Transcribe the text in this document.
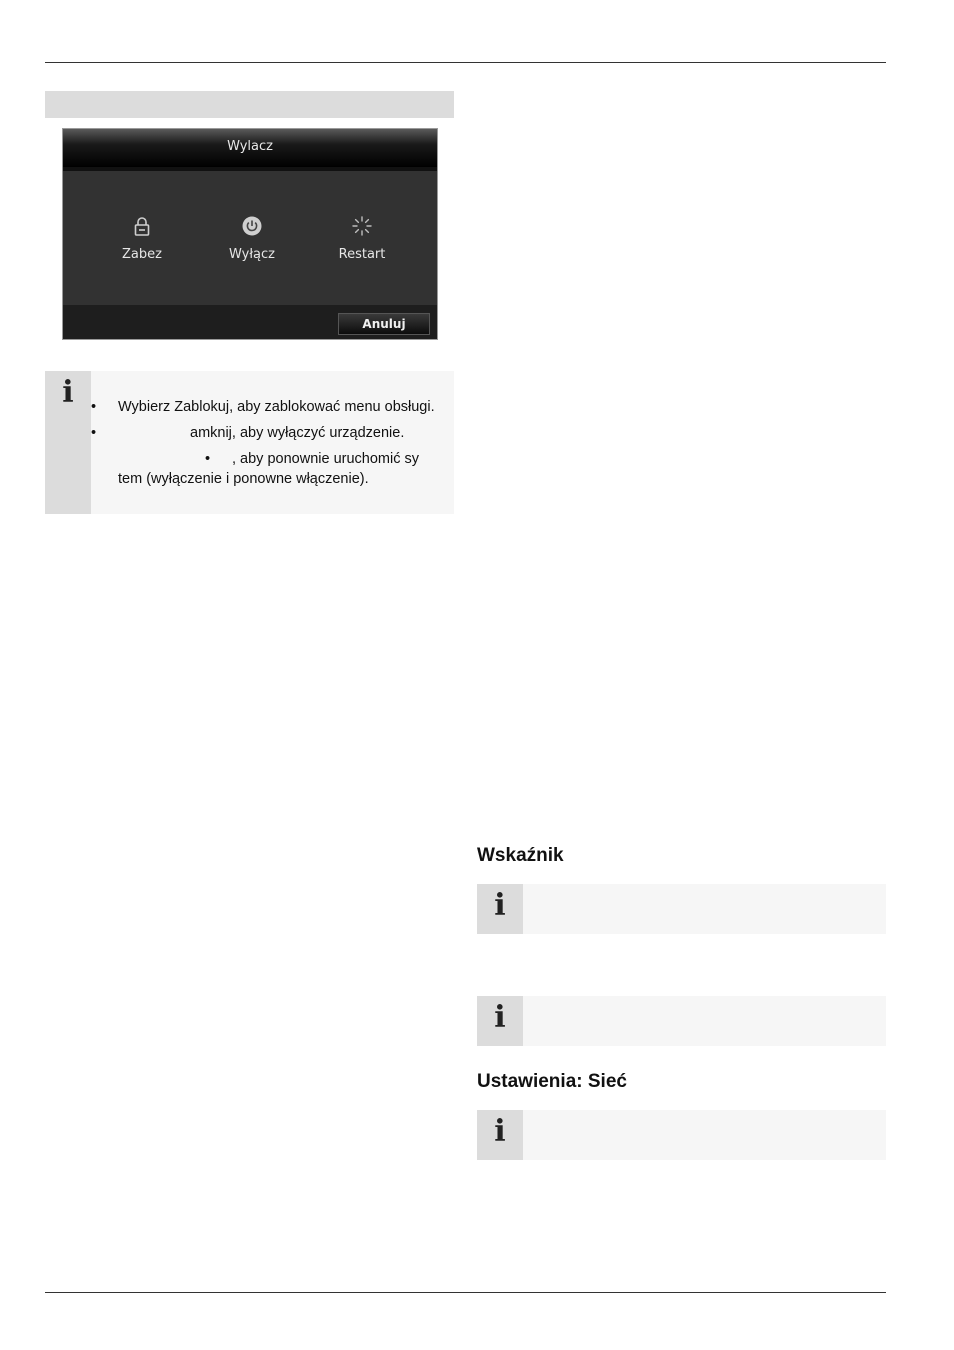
Wylacz
Zabez	Wyłącz	Restart
Anuluj
i
•	Wybierz Zablokuj, aby zablokować menu obsługi.
• amknij, aby wyłączyć urządzenie.
• , aby ponownie uruchomić sy tem (wyłączenie i ponowne włączenie).
Wskaźnik
i
i
Ustawienia: Sieć
i
